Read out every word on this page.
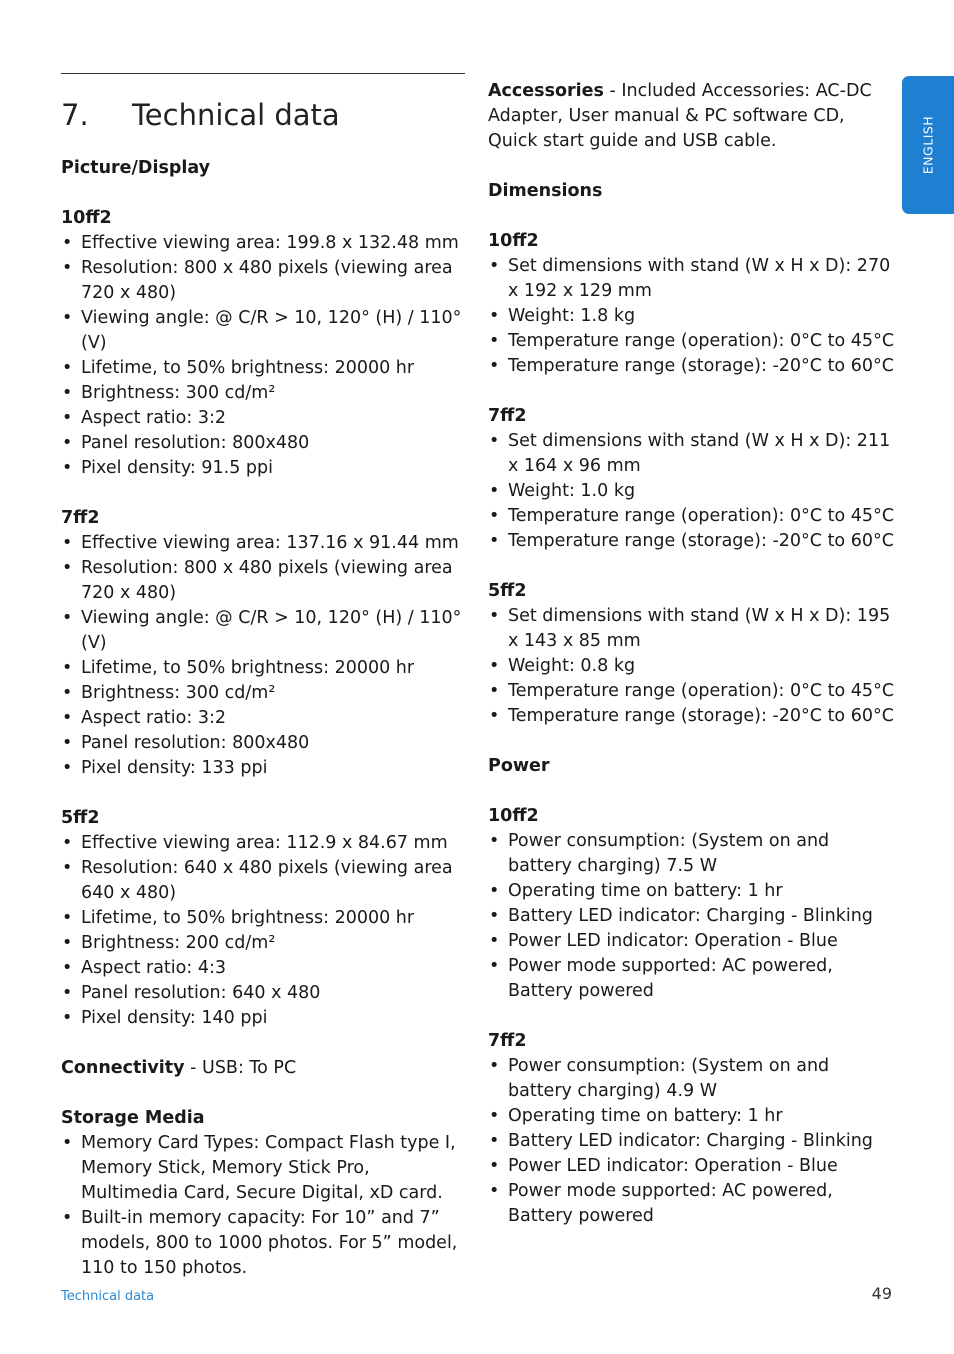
7. Technical data
ENGLISH

Picture/Display

10ff2

• Effective viewing area: 199.8 x 132.48 mm
• Resolution: 800 x 480 pixels (viewing area 720 x 480)
• Viewing angle: @ C/R > 10, 120° (H) / 110°(V)
• Lifetime, to 50% brightness: 20000 hr
• Brightness: 300 cd/m²
• Aspect ratio: 3:2
• Panel resolution: 800x480
• Pixel density: 91.5 ppi

7ff2

• Effective viewing area: 137.16 x 91.44 mm
• Resolution: 800 x 480 pixels (viewing area 720 x 480)
• Viewing angle: @ C/R > 10, 120° (H) / 110°(V)
• Lifetime, to 50% brightness: 20000 hr
• Brightness: 300 cd/m²
• Aspect ratio: 3:2
• Panel resolution: 800x480
• Pixel density: 133 ppi

5ff2

• Effective viewing area: 112.9 x 84.67 mm
• Resolution: 640 x 480 pixels (viewing area 640 x 480)
• Lifetime, to 50% brightness: 20000 hr
• Brightness: 200 cd/m²
• Aspect ratio: 4:3
• Panel resolution: 640 x 480
• Pixel density: 140 ppi

Connectivity - USB: To PC

Storage Media

• Memory Card Types: Compact Flash type I, Memory Stick, Memory Stick Pro, Multimedia Card, Secure Digital, xD card.
• Built-in memory capacity: For 10” and 7” models, 800 to 1000 photos. For 5” model, 110 to 150 photos.

Accessories - Included Accessories: AC-DC Adapter, User manual & PC software CD, Quick start guide and USB cable.

Dimensions

10ff2

• Set dimensions with stand (W x H x D): 270 x 192 x 129 mm
• Weight: 1.8 kg
• Temperature range (operation): 0°C to 45°C
• Temperature range (storage): -20°C to 60°C

7ff2

• Set dimensions with stand (W x H x D): 211 x 164 x 96 mm
• Weight: 1.0 kg
• Temperature range (operation): 0°C to 45°C
• Temperature range (storage): -20°C to 60°C

5ff2

• Set dimensions with stand (W x H x D): 195 x 143 x 85 mm
• Weight: 0.8 kg
• Temperature range (operation): 0°C to 45°C
• Temperature range (storage): -20°C to 60°C

Power

10ff2

• Power consumption: (System on and battery charging) 7.5 W
• Operating time on battery: 1 hr
• Battery LED indicator: Charging - Blinking
• Power LED indicator: Operation - Blue
• Power mode supported: AC powered, Battery powered

7ff2

• Power consumption: (System on and battery charging) 4.9 W
• Operating time on battery: 1 hr
• Battery LED indicator: Charging - Blinking
• Power LED indicator: Operation - Blue
• Power mode supported: AC powered, Battery powered
Technical data	49
